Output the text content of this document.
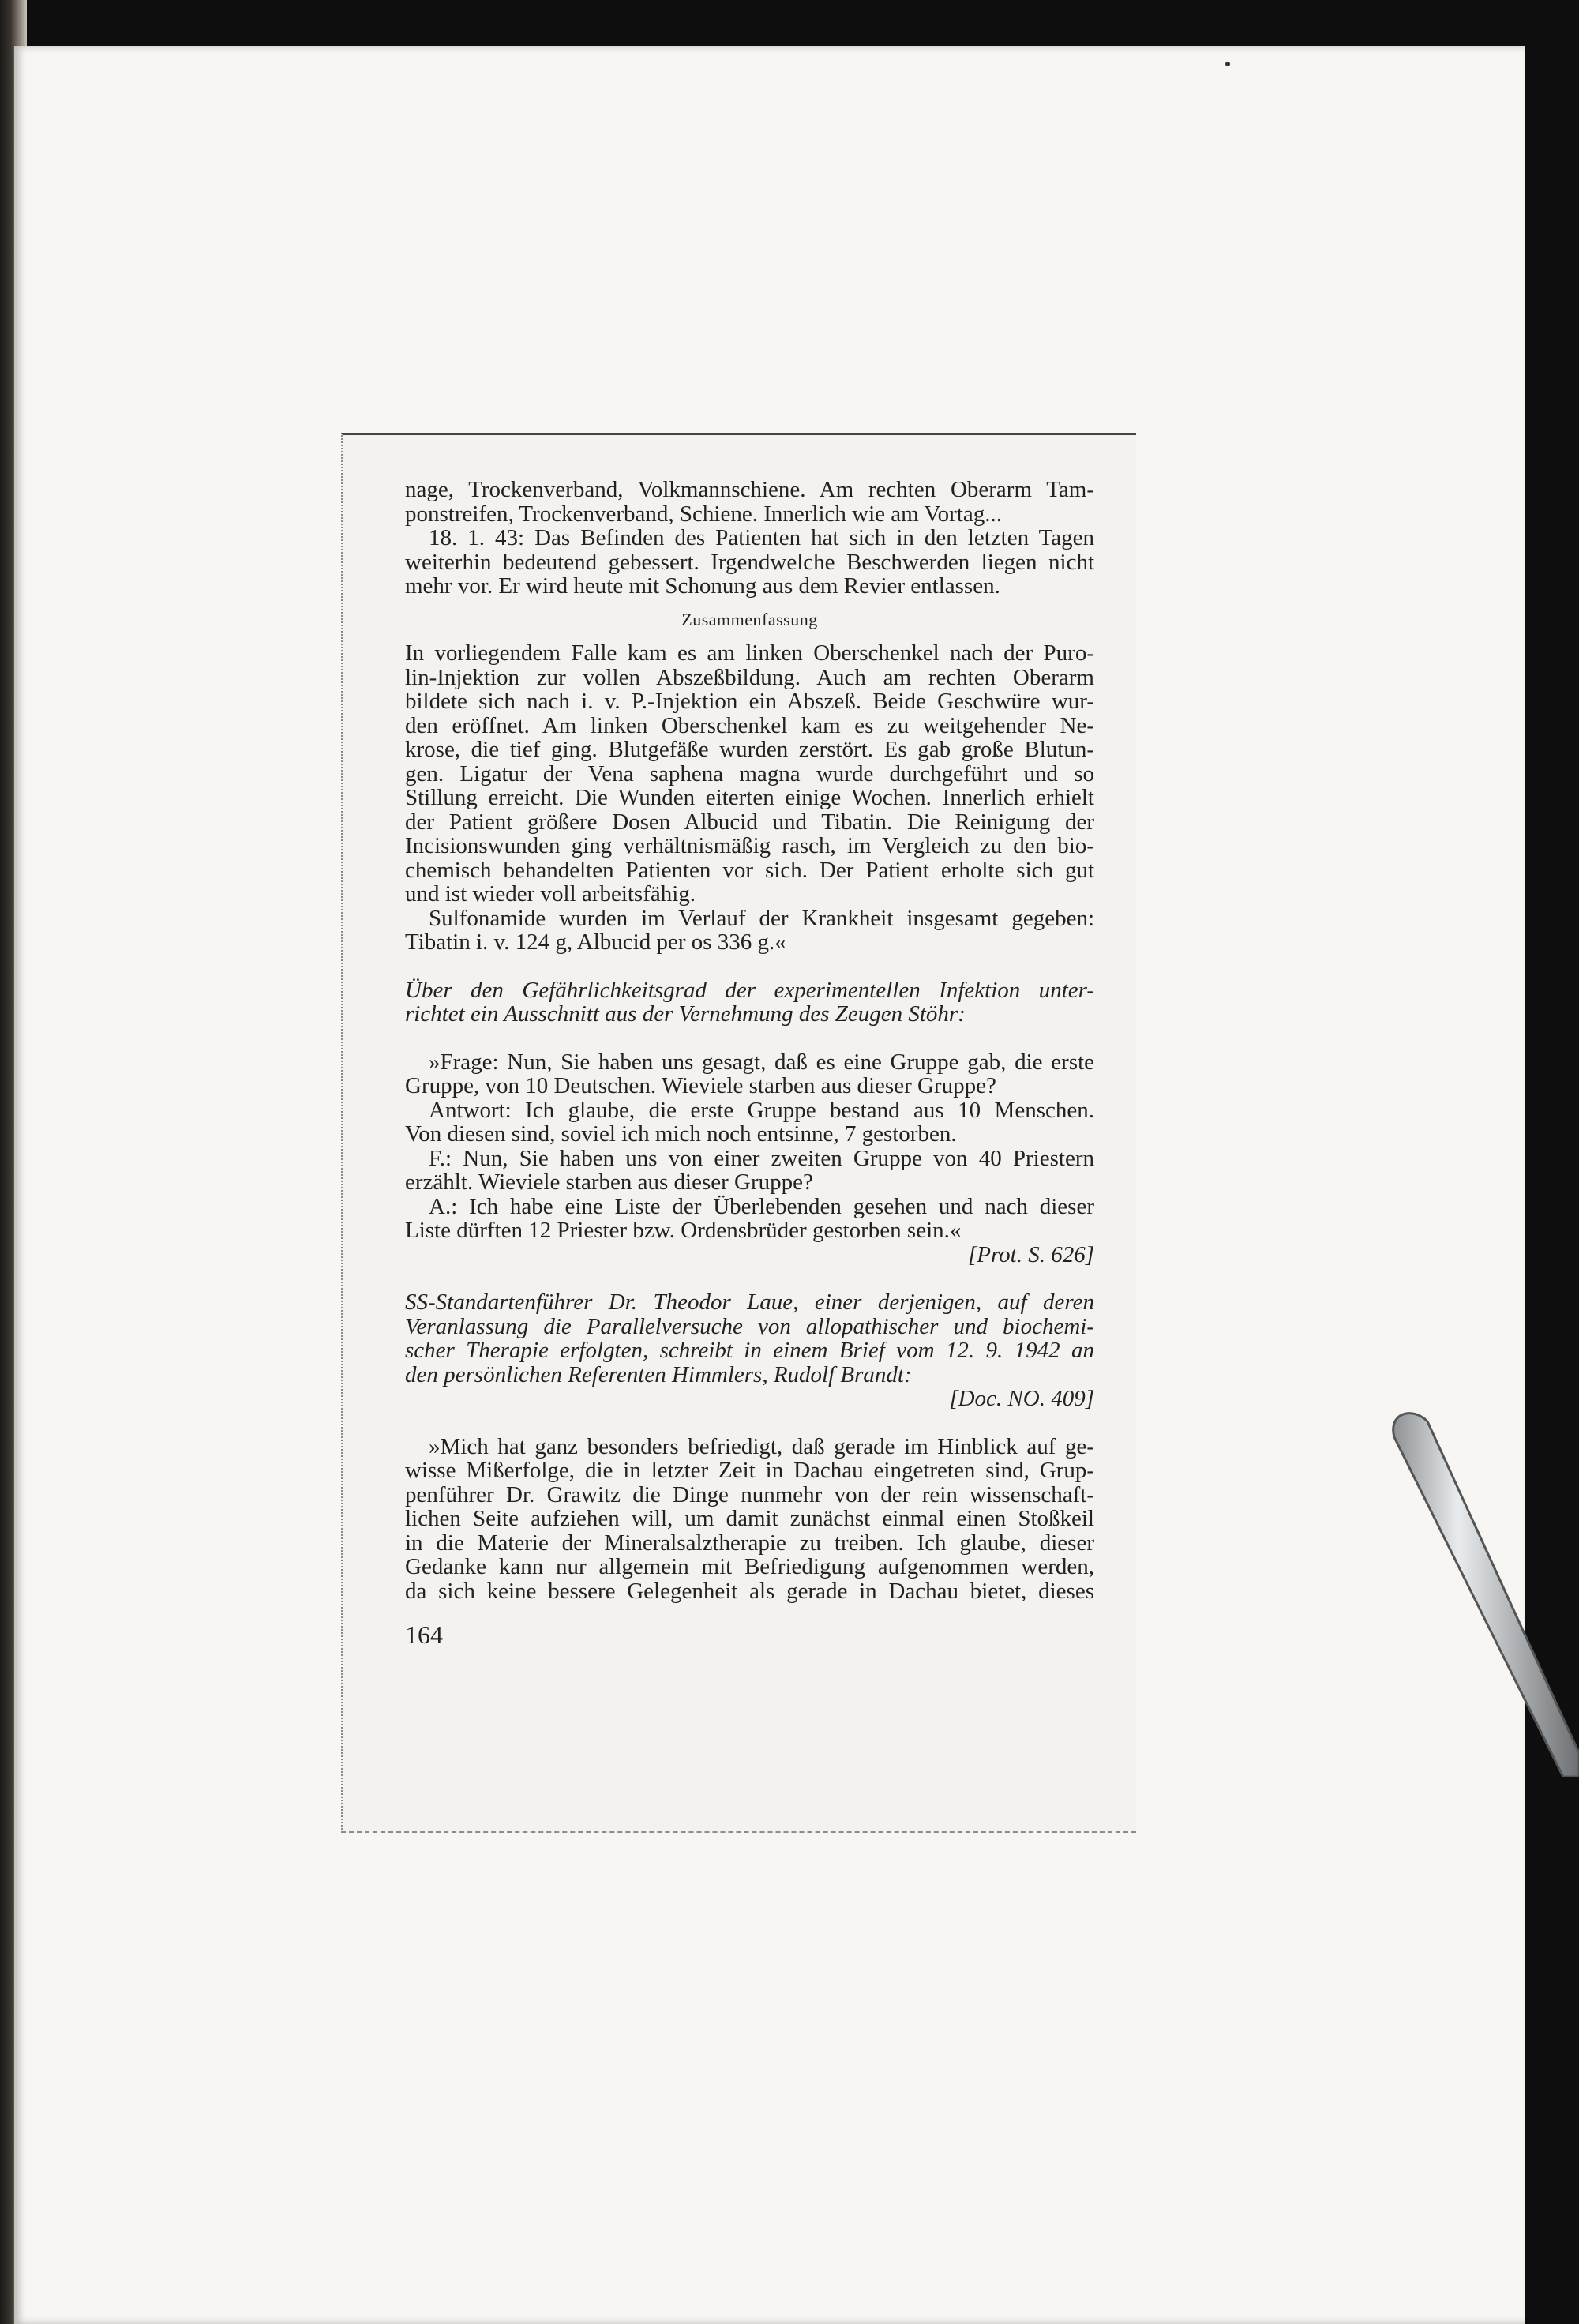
nage, Trockenverband, Volkmannschiene. Am rechten Oberarm Tam-
ponstreifen, Trockenverband, Schiene. Innerlich wie am Vortag...
18. 1. 43: Das Befinden des Patienten hat sich in den letzten Tagen
weiterhin bedeutend gebessert. Irgendwelche Beschwerden liegen nicht
mehr vor. Er wird heute mit Schonung aus dem Revier entlassen.
Zusammenfassung
In vorliegendem Falle kam es am linken Oberschenkel nach der Puro-
lin-Injektion zur vollen Abszeßbildung. Auch am rechten Oberarm
bildete sich nach i. v. P.-Injektion ein Abszeß. Beide Geschwüre wur-
den eröffnet. Am linken Oberschenkel kam es zu weitgehender Ne-
krose, die tief ging. Blutgefäße wurden zerstört. Es gab große Blutun-
gen. Ligatur der Vena saphena magna wurde durchgeführt und so
Stillung erreicht. Die Wunden eiterten einige Wochen. Innerlich erhielt
der Patient größere Dosen Albucid und Tibatin. Die Reinigung der
Incisionswunden ging verhältnismäßig rasch, im Vergleich zu den bio-
chemisch behandelten Patienten vor sich. Der Patient erholte sich gut
und ist wieder voll arbeitsfähig.
Sulfonamide wurden im Verlauf der Krankheit insgesamt gegeben:
Tibatin i. v. 124 g, Albucid per os 336 g.«
Über den Gefährlichkeitsgrad der experimentellen Infektion unter-
richtet ein Ausschnitt aus der Vernehmung des Zeugen Stöhr:
»Frage: Nun, Sie haben uns gesagt, daß es eine Gruppe gab, die erste
Gruppe, von 10 Deutschen. Wieviele starben aus dieser Gruppe?
Antwort: Ich glaube, die erste Gruppe bestand aus 10 Menschen.
Von diesen sind, soviel ich mich noch entsinne, 7 gestorben.
F.: Nun, Sie haben uns von einer zweiten Gruppe von 40 Priestern
erzählt. Wieviele starben aus dieser Gruppe?
A.: Ich habe eine Liste der Überlebenden gesehen und nach dieser
Liste dürften 12 Priester bzw. Ordensbrüder gestorben sein.«
[Prot. S. 626]
SS-Standartenführer Dr. Theodor Laue, einer derjenigen, auf deren
Veranlassung die Parallelversuche von allopathischer und biochemi-
scher Therapie erfolgten, schreibt in einem Brief vom 12. 9. 1942 an
den persönlichen Referenten Himmlers, Rudolf Brandt:
[Doc. NO. 409]
»Mich hat ganz besonders befriedigt, daß gerade im Hinblick auf ge-
wisse Mißerfolge, die in letzter Zeit in Dachau eingetreten sind, Grup-
penführer Dr. Grawitz die Dinge nunmehr von der rein wissenschaft-
lichen Seite aufziehen will, um damit zunächst einmal einen Stoßkeil
in die Materie der Mineralsalztherapie zu treiben. Ich glaube, dieser
Gedanke kann nur allgemein mit Befriedigung aufgenommen werden,
da sich keine bessere Gelegenheit als gerade in Dachau bietet, dieses
164
